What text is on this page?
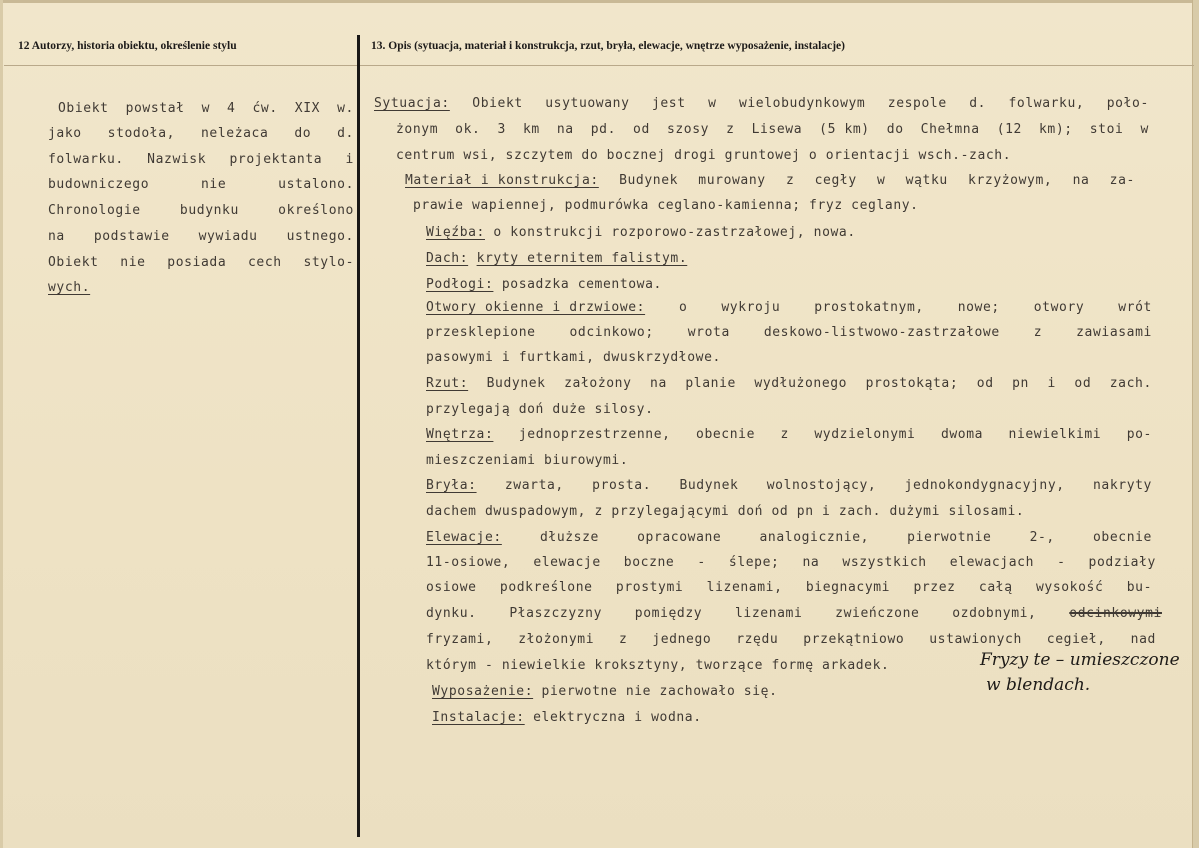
12 Autorzy, historia obiektu, określenie stylu	13. Opis (sytuacja, materiał i konstrukcja, rzut, bryła, elewacje, wnętrze wyposażenie, instalacje)
Obiekt powstał w 4 ćw. XIX w.
jako stodoła, neleżaca do d.
folwarku. Nazwisk projektanta i
budowniczego	nie	ustalono.
Chronologie	budynku	określono
na podstawie wywiadu ustnego.
Obiekt nie posiada cech stylo-
wych.
Sytuacja: Obiekt usytuowany jest w wielobudynkowym zespole d. folwarku, poło-
żonym ok. 3 km na pd. od szosy z Lisewa (5 km) do Chełmna (12 km); stoi w
centrum wsi, szczytem do bocznej drogi gruntowej o orientacji wsch.-zach.
Materiał i konstrukcja: Budynek murowany z cegły w wątku krzyżowym, na za-
prawie wapiennej, podmurówka ceglano-kamienna; fryz ceglany.
Więźba: o konstrukcji rozporowo-zastrzałowej, nowa.
Dach: kryty eternitem falistym.
Podłogi: posadzka cementowa.
Otwory okienne i drzwiowe:	o	wykroju	prostokatnym,	nowe;	otwory	wrót
przesklepione	odcinkowo;	wrota	deskowo-listwowo-zastrzałowe	z	zawiasami
pasowymi i furtkami, dwuskrzydłowe.
Rzut: Budynek założony na planie wydłużonego prostokąta; od pn i od zach.
przylegają doń duże silosy.
Wnętrza: jednoprzestrzenne, obecnie z wydzielonymi dwoma niewielkimi po-
mieszczeniami biurowymi.
Bryła: zwarta, prosta. Budynek wolnostojący, jednokondygnacyjny, nakryty
dachem dwuspadowym, z przylegającymi doń od pn i zach. dużymi silosami.
Elewacje:	dłuższe	opracowane	analogicznie,	pierwotnie	2-,	obecnie
11-osiowe, elewacje boczne - ślepe; na wszystkich elewacjach - podziały
osiowe podkreślone prostymi lizenami, biegnacymi przez całą wysokość bu-
dynku.	Płaszczyzny	pomiędzy	lizenami	zwieńczone	ozdobnymi,	odcinkowymi
fryzami, złożonymi z jednego rzędu przekątniowo ustawionych cegieł, nad
którym - niewielkie kroksztyny, tworzące formę arkadek.	Fryzy te – umieszczone
w blendach.
Wyposażenie: pierwotne nie zachowało się.
Instalacje: elektryczna i wodna.
